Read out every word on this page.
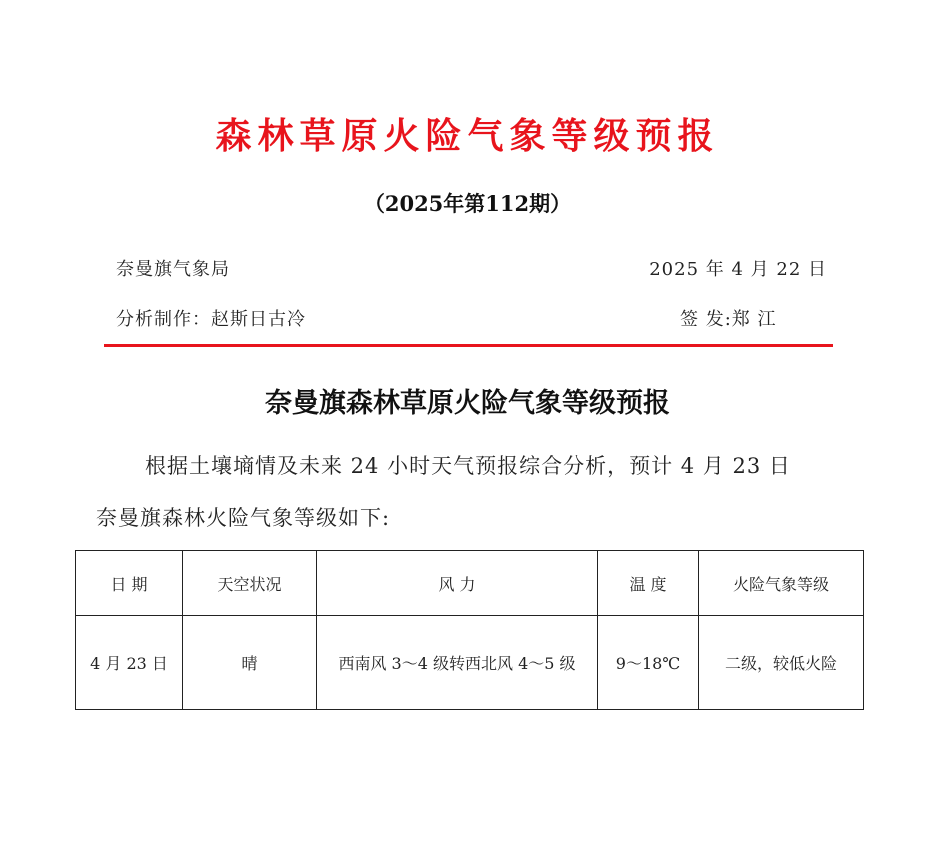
森林草原火险气象等级预报
（2025年第112期）
奈曼旗气象局	2025 年 4 月 22 日
分析制作：赵斯日古冷	签 发:郑 江
奈曼旗森林草原火险气象等级预报
根据土壤墒情及未来 24 小时天气预报综合分析，预计 4 月 23 日
奈曼旗森林火险气象等级如下:
日 期	天空状况	风 力	温 度	火险气象等级
4 月 23 日	晴	西南风 3～4 级转西北风 4～5 级	9～18℃	二级，较低火险
